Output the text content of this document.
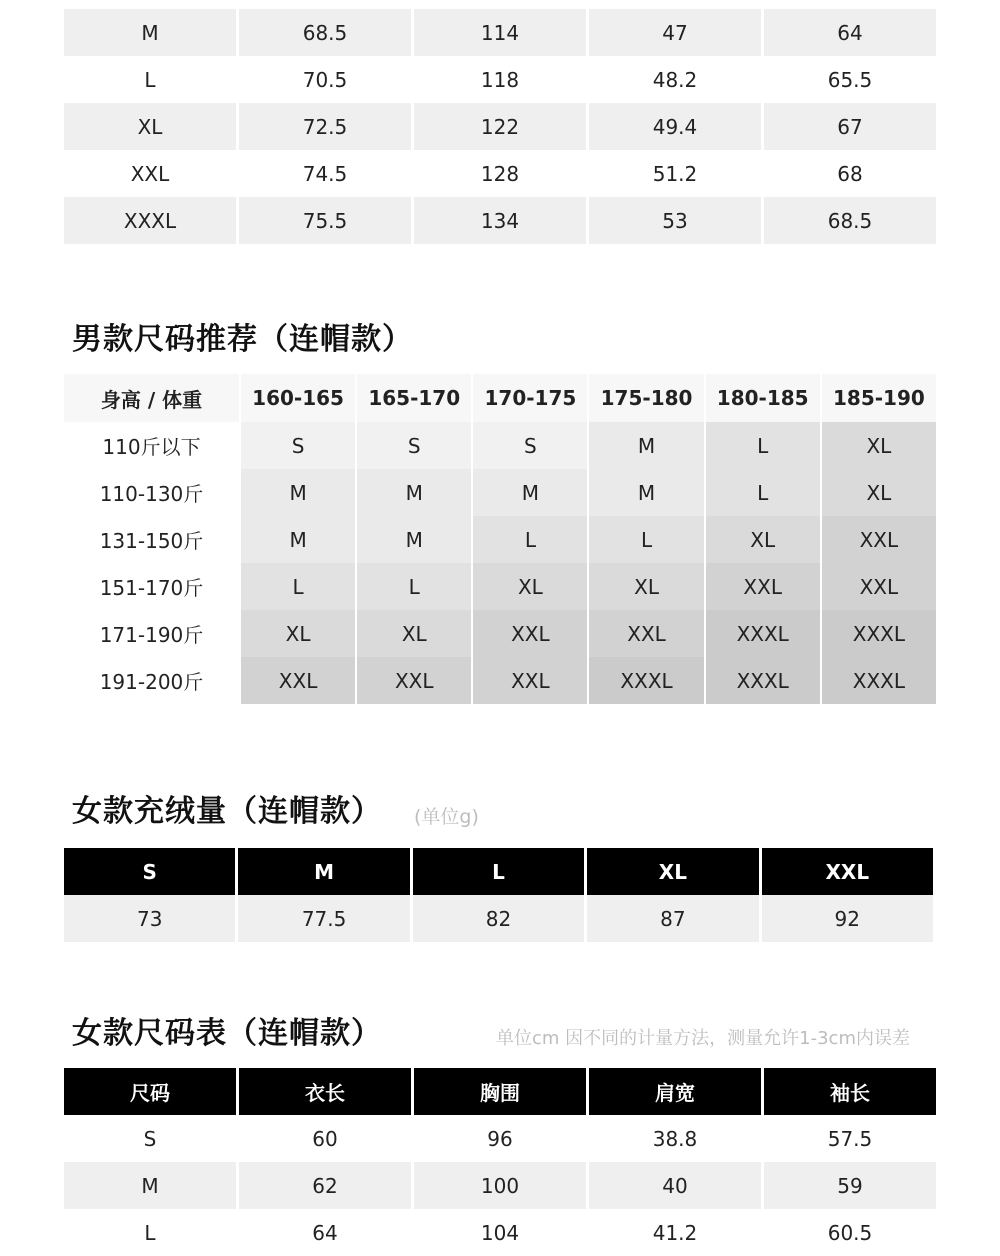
M	68.5	114	47	64
L	70.5	118	48.2	65.5
XL	72.5	122	49.4	67
XXL	74.5	128	51.2	68
XXXL	75.5	134	53	68.5
男款尺码推荐（连帽款）
身高 / 体重	160-165	165-170	170-175	175-180	180-185	185-190
110斤以下	S	S	S	M	L	XL
110-130斤	M	M	M	M	L	XL
131-150斤	M	M	L	L	XL	XXL
151-170斤	L	L	XL	XL	XXL	XXL
171-190斤	XL	XL	XXL	XXL	XXXL	XXXL
191-200斤	XXL	XXL	XXL	XXXL	XXXL	XXXL
女款充绒量（连帽款） (单位g)
S	M	L	XL	XXL
73	77.5	82	87	92
女款尺码表（连帽款）	单位cm 因不同的计量方法，测量允许1-3cm内误差
尺码	衣长	胸围	肩宽	袖长
S	60	96	38.8	57.5
M	62	100	40	59
L	64	104	41.2	60.5
